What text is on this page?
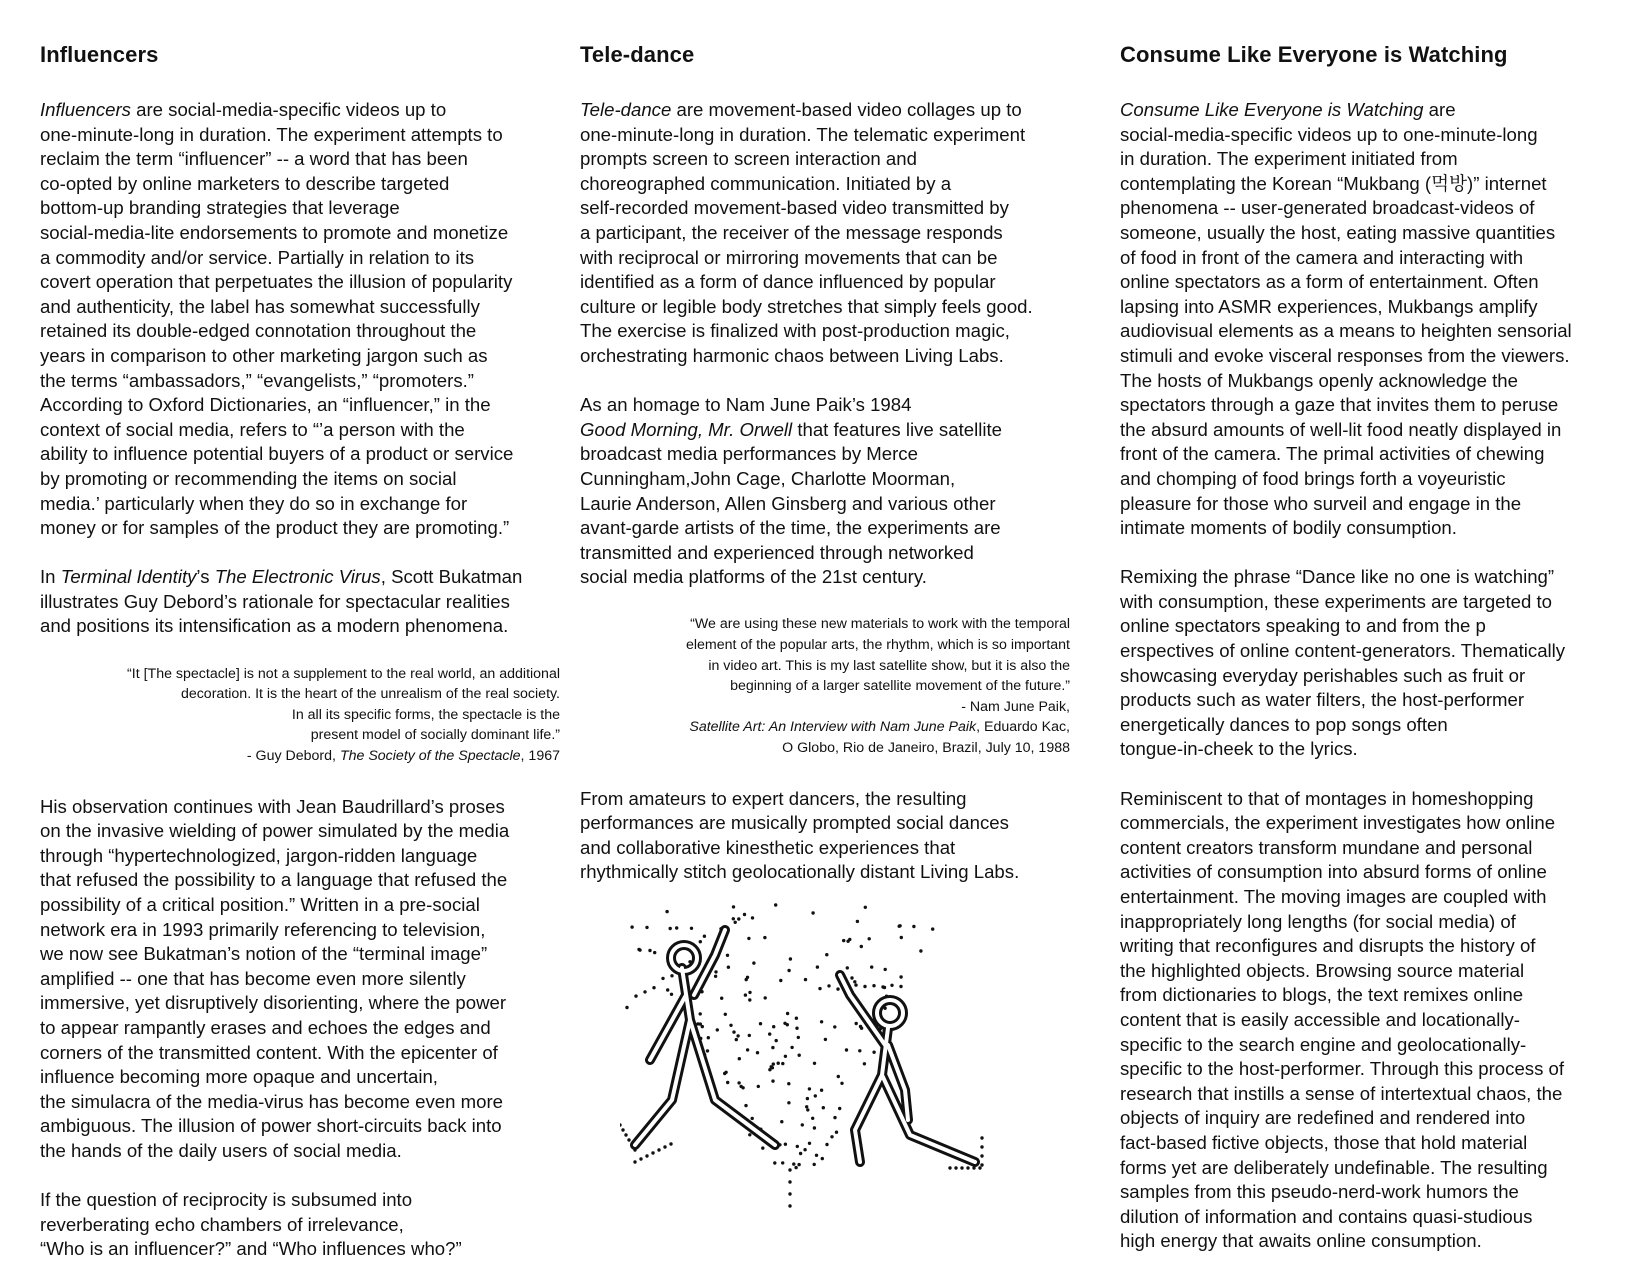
Influencers
Influencers are social-media-specific videos up to
one-minute-long in duration. The experiment attempts to
reclaim the term “influencer” -- a word that has been
co-opted by online marketers to describe targeted
bottom-up branding strategies that leverage
social-media-lite endorsements to promote and monetize
a commodity and/or service. Partially in relation to its
covert operation that perpetuates the illusion of popularity
and authenticity, the label has somewhat successfully
retained its double-edged connotation throughout the
years in comparison to other marketing jargon such as
the terms “ambassadors,” “evangelists,” “promoters.”
According to Oxford Dictionaries, an “influencer,” in the
context of social media, refers to “’a person with the
ability to influence potential buyers of a product or service
by promoting or recommending the items on social
media.’ particularly when they do so in exchange for
money or for samples of the product they are promoting.”
In Terminal Identity’s The Electronic Virus, Scott Bukatman
illustrates Guy Debord’s rationale for spectacular realities
and positions its intensification as a modern phenomena.
“It [The spectacle] is not a supplement to the real world, an additional
decoration. It is the heart of the unrealism of the real society.
In all its specific forms, the spectacle is the
present model of socially dominant life.”
- Guy Debord, The Society of the Spectacle, 1967
His observation continues with Jean Baudrillard’s proses
on the invasive wielding of power simulated by the media
through “hypertechnologized, jargon-ridden language
that refused the possibility to a language that refused the
possibility of a critical position.” Written in a pre-social
network era in 1993 primarily referencing to television,
we now see Bukatman’s notion of the “terminal image”
amplified -- one that has become even more silently
immersive, yet disruptively disorienting, where the power
to appear rampantly erases and echoes the edges and
corners of the transmitted content. With the epicenter of
influence becoming more opaque and uncertain,
the simulacra of the media-virus has become even more
ambiguous. The illusion of power short-circuits back into
the hands of the daily users of social media.
If the question of reciprocity is subsumed into
reverberating echo chambers of irrelevance,
“Who is an influencer?” and “Who influences who?”
Tele-dance
Tele-dance are movement-based video collages up to
one-minute-long in duration. The telematic experiment
prompts screen to screen interaction and
choreographed communication. Initiated by a
self-recorded movement-based video transmitted by
a participant, the receiver of the message responds
with reciprocal or mirroring movements that can be
identified as a form of dance influenced by popular
culture or legible body stretches that simply feels good.
The exercise is finalized with post-production magic,
orchestrating harmonic chaos between Living Labs.
As an homage to Nam June Paik’s 1984
Good Morning, Mr. Orwell that features live satellite
broadcast media performances by Merce
Cunningham,John Cage, Charlotte Moorman,
Laurie Anderson, Allen Ginsberg and various other
avant-garde artists of the time, the experiments are
transmitted and experienced through networked
social media platforms of the 21st century.
“We are using these new materials to work with the temporal
element of the popular arts, the rhythm, which is so important
in video art. This is my last satellite show, but it is also the
beginning of a larger satellite movement of the future.”
- Nam June Paik,
Satellite Art: An Interview with Nam June Paik, Eduardo Kac,
O Globo, Rio de Janeiro, Brazil, July 10, 1988
From amateurs to expert dancers, the resulting
performances are musically prompted social dances
and collaborative kinesthetic experiences that
rhythmically stitch geolocationally distant Living Labs.
Consume Like Everyone is Watching
Consume Like Everyone is Watching are
social-media-specific videos up to one-minute-long
in duration. The experiment initiated from
contemplating the Korean “Mukbang (먹방)” internet
phenomena -- user-generated broadcast-videos of
someone, usually the host, eating massive quantities
of food in front of the camera and interacting with
online spectators as a form of entertainment. Often
lapsing into ASMR experiences, Mukbangs amplify
audiovisual elements as a means to heighten sensorial
stimuli and evoke visceral responses from the viewers.
The hosts of Mukbangs openly acknowledge the
spectators through a gaze that invites them to peruse
the absurd amounts of well-lit food neatly displayed in
front of the camera. The primal activities of chewing
and chomping of food brings forth a voyeuristic
pleasure for those who surveil and engage in the
intimate moments of bodily consumption.
Remixing the phrase “Dance like no one is watching”
with consumption, these experiments are targeted to
online spectators speaking to and from the p
erspectives of online content-generators. Thematically
showcasing everyday perishables such as fruit or
products such as water filters, the host-performer
energetically dances to pop songs often
tongue-in-cheek to the lyrics.
Reminiscent to that of montages in homeshopping
commercials, the experiment investigates how online
content creators transform mundane and personal
activities of consumption into absurd forms of online
entertainment. The moving images are coupled with
inappropriately long lengths (for social media) of
writing that reconfigures and disrupts the history of
the highlighted objects. Browsing source material
from dictionaries to blogs, the text remixes online
content that is easily accessible and locationally-
specific to the search engine and geolocationally-
specific to the host-performer. Through this process of
research that instills a sense of intertextual chaos, the
objects of inquiry are redefined and rendered into
fact-based fictive objects, those that hold material
forms yet are deliberately undefinable. The resulting
samples from this pseudo-nerd-work humors the
dilution of information and contains quasi-studious
high energy that awaits online consumption.
